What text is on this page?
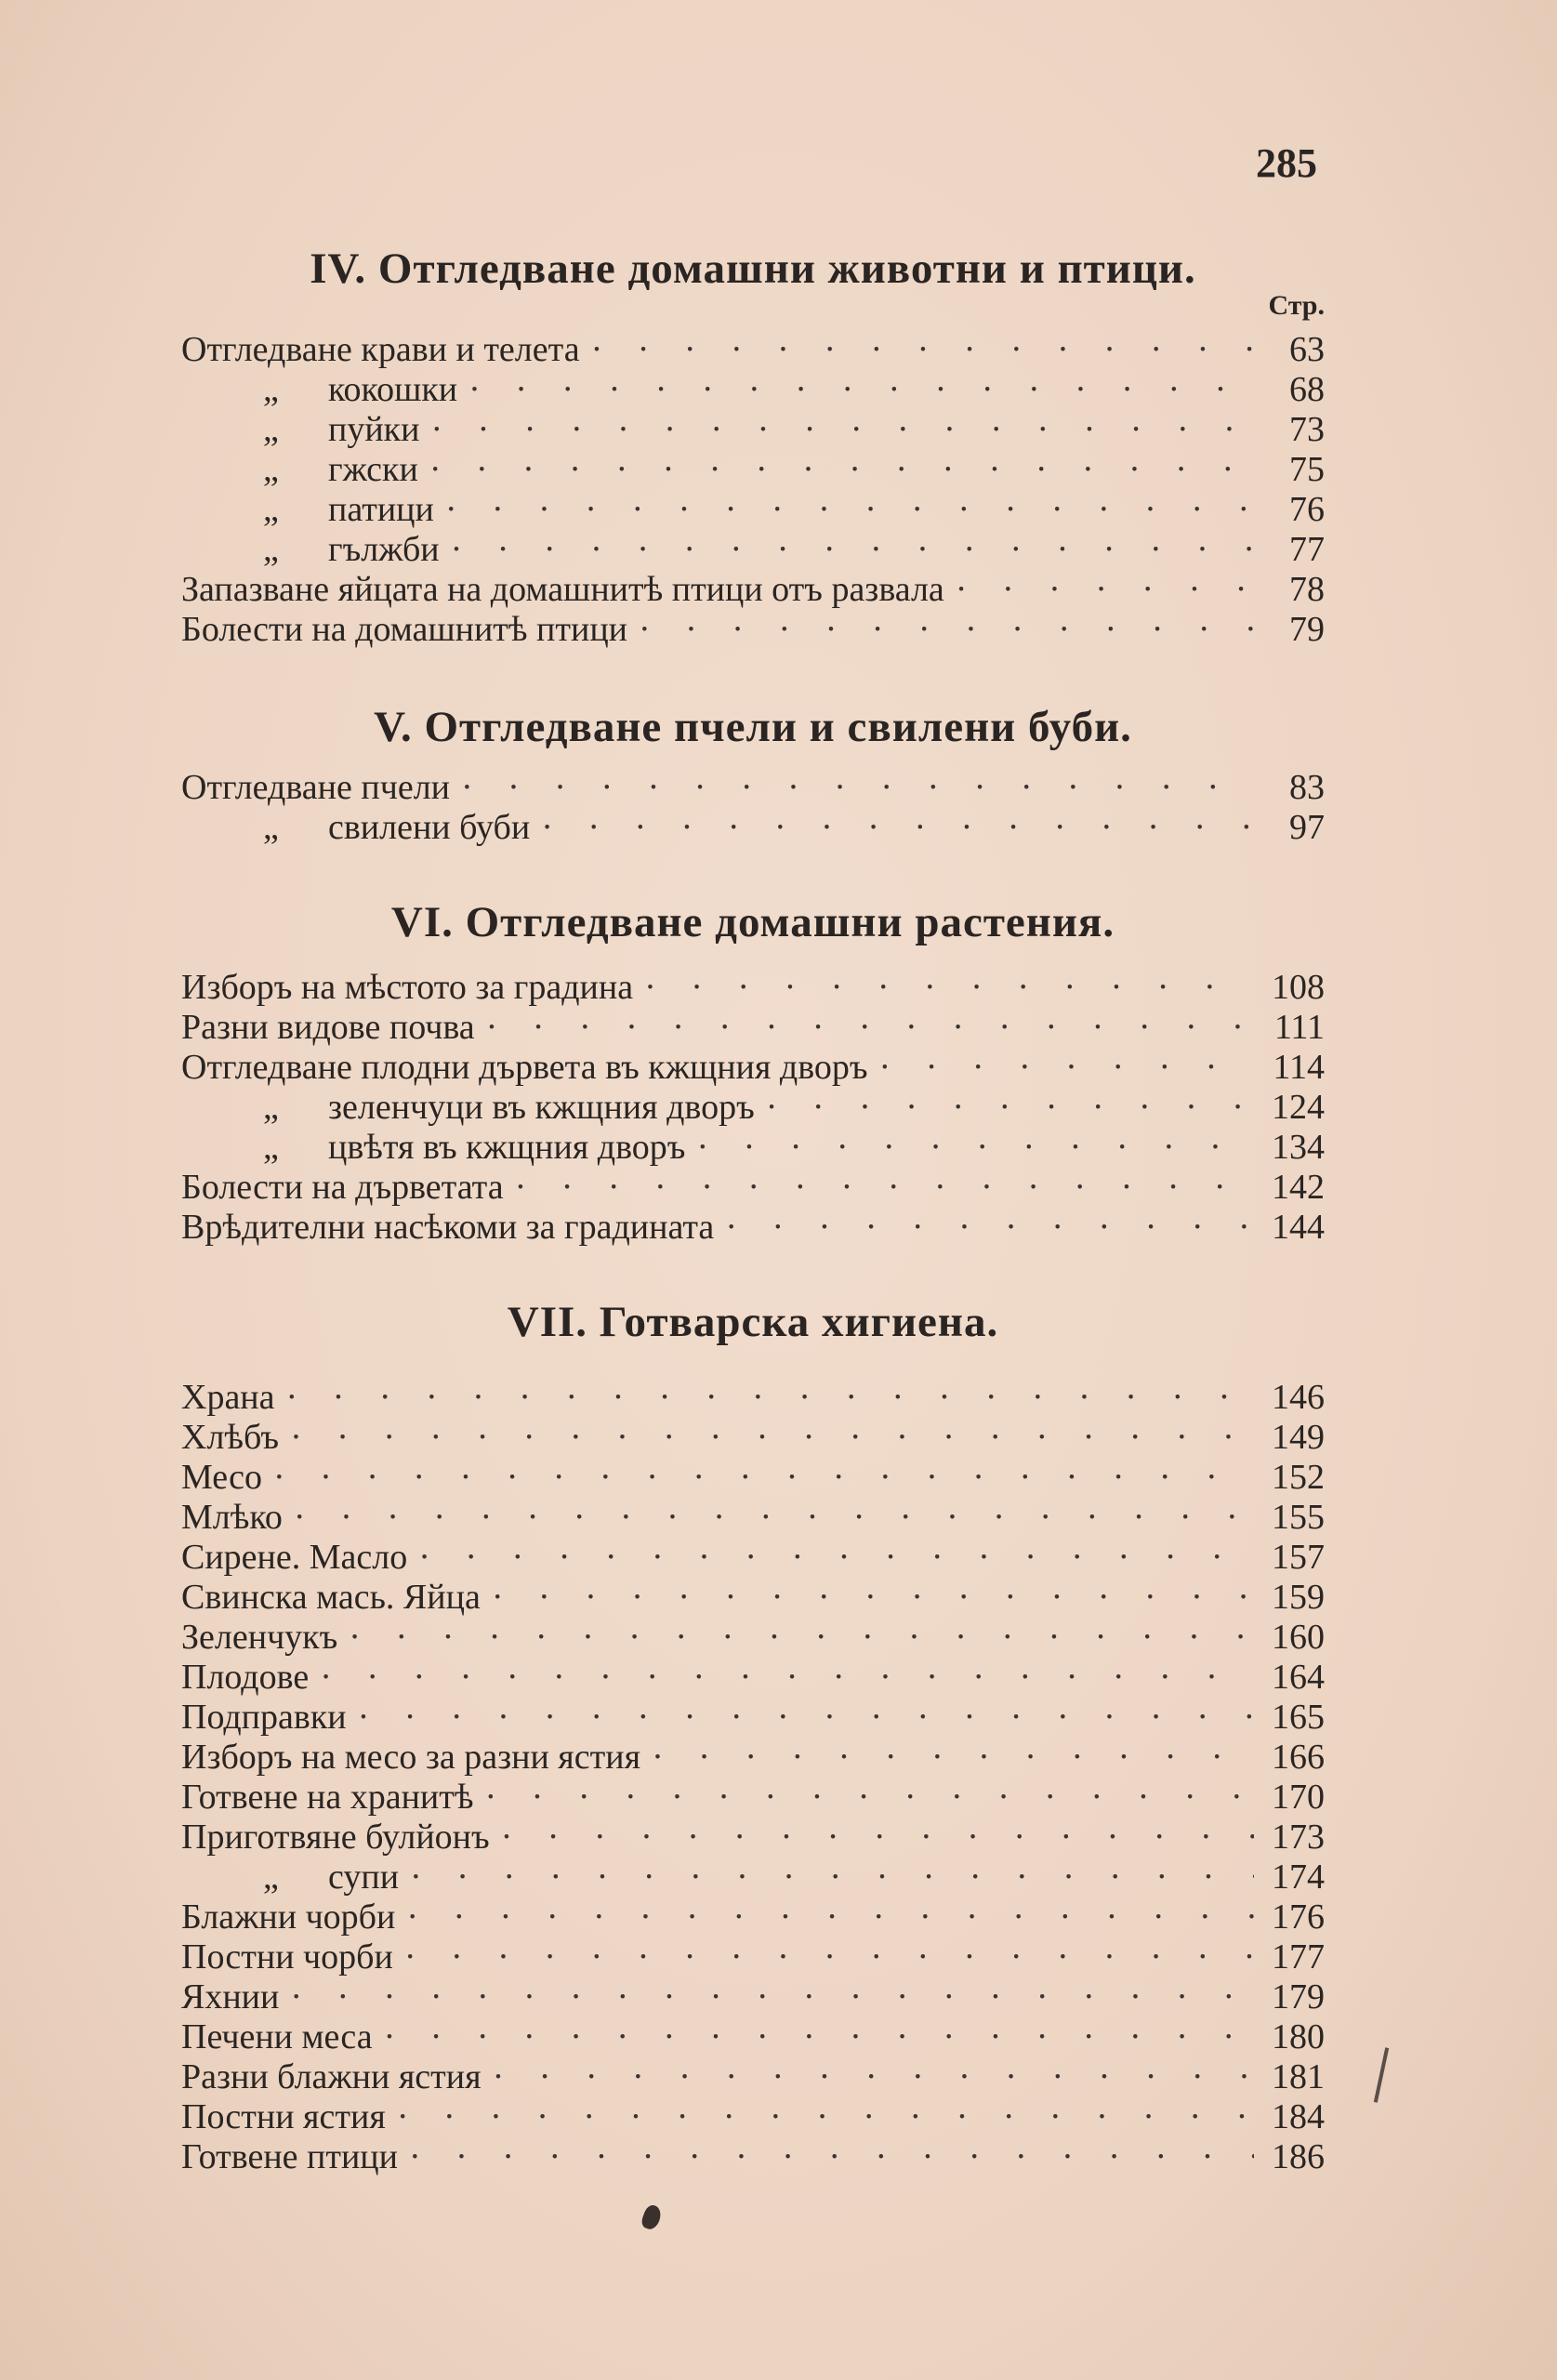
285
IV. Отгледване домашни животни и птици.
Стр.
Отгледване крави и телета · · ·	63
„	кокошки · · ·	68
„	пуйки · · ·	73
„	гжски · · ·	75
„	патици · · ·	76
„	гължби · · ·	77
Запазване яйцата на домашнитѣ птици отъ развала · · ·	78
Болести на домашнитѣ птици · · ·	79
V. Отгледване пчели и свилени буби.
Отгледване пчели · · ·	83
„	свилени буби · · ·	97
VI. Отгледване домашни растения.
Изборъ на мѣстото за градина · · ·	108
Разни видове почва · · ·	111
Отгледване плодни дървета въ кжщния дворъ · · ·	114
„	зеленчуци въ кжщния дворъ · · ·	124
„	цвѣтя въ кжщния дворъ · · ·	134
Болести на дърветата · · ·	142
Врѣдителни насѣкоми за градината · · ·	144
VII. Готварска хигиена.
Храна · · ·	146
Хлѣбъ · · ·	149
Месо · · ·	152
Млѣко · · ·	155
Сирене. Масло · · ·	157
Свинска мась. Яйца · · ·	159
Зеленчукъ · · ·	160
Плодове · · ·	164
Подправки · · ·	165
Изборъ на месо за разни ястия · · ·	166
Готвене на хранитѣ · · ·	170
Приготвяне булйонъ · · ·	173
„	супи · · ·	174
Блажни чорби · · ·	176
Постни чорби · · ·	177
Яхнии · · ·	179
Печени меса · · ·	180
Разни блажни ястия · · ·	181
Постни ястия · · ·	184
Готвене птици · · ·	186
